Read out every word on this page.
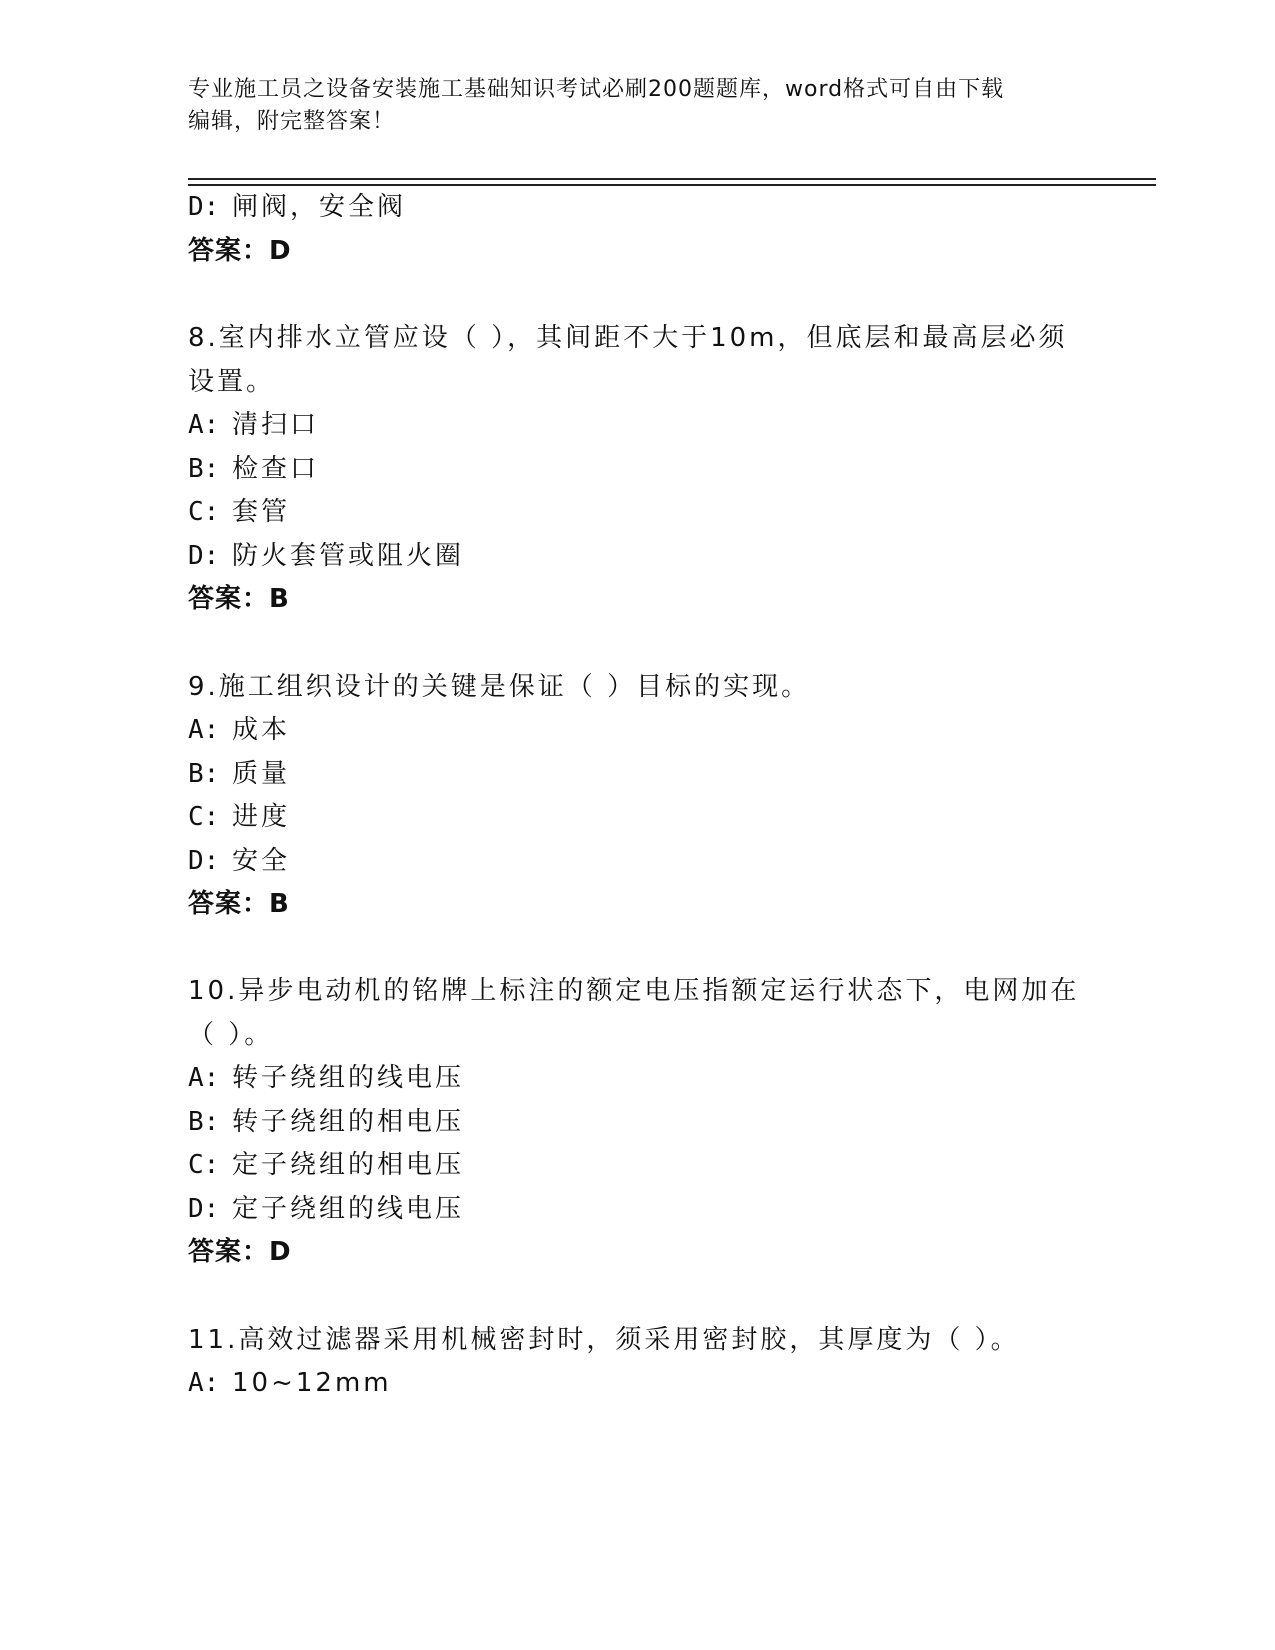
专业施工员之设备安装施工基础知识考试必刷200题题库，word格式可自由下载
编辑，附完整答案！
D: 闸阀，安全阀
答案：D
8.室内排水立管应设（ ），其间距不大于10m，但底层和最高层必须
设置。
A: 清扫口
B: 检查口
C: 套管
D: 防火套管或阻火圈
答案：B
9.施工组织设计的关键是保证（ ）目标的实现。
A: 成本
B: 质量
C: 进度
D: 安全
答案：B
10.异步电动机的铭牌上标注的额定电压指额定运行状态下，电网加在
（ ）。
A: 转子绕组的线电压
B: 转子绕组的相电压
C: 定子绕组的相电压
D: 定子绕组的线电压
答案：D
11.高效过滤器采用机械密封时，须采用密封胶，其厚度为（ ）。
A: 10~12mm
